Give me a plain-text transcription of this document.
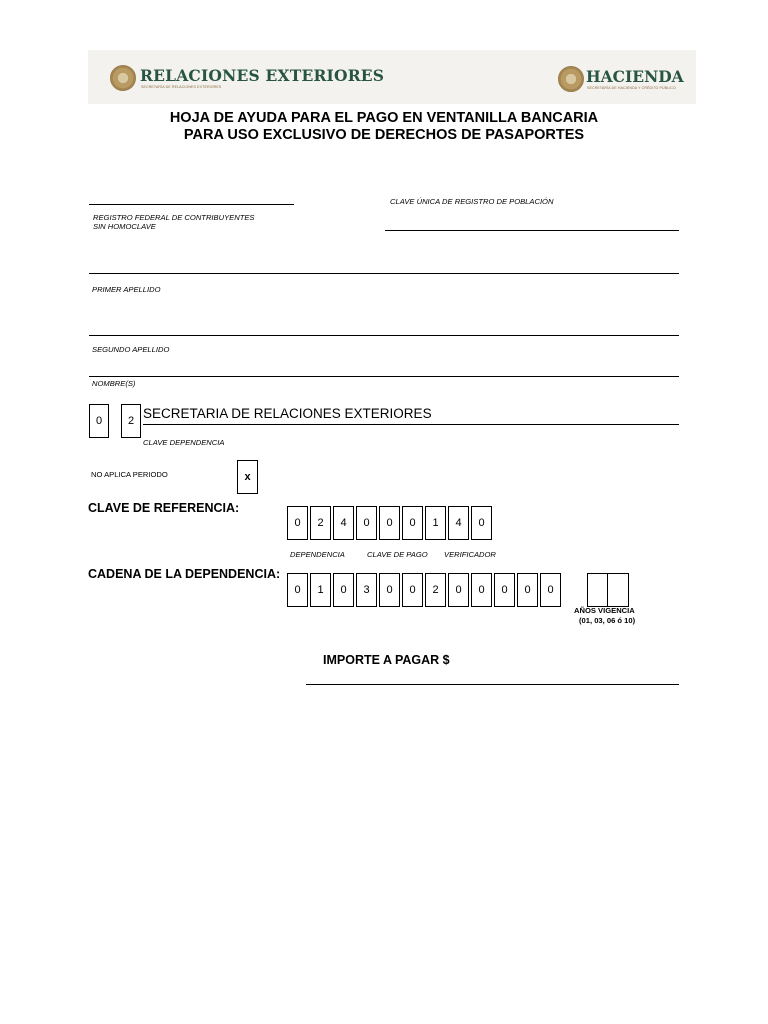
RELACIONES EXTERIORES
SECRETARÍA DE RELACIONES EXTERIORES
HACIENDA
SECRETARÍA DE HACIENDA Y CRÉDITO PÚBLICO
HOJA DE AYUDA PARA EL PAGO EN VENTANILLA BANCARIA
PARA USO EXCLUSIVO DE DERECHOS DE PASAPORTES
REGISTRO FEDERAL DE CONTRIBUYENTES
SIN HOMOCLAVE
CLAVE ÚNICA DE REGISTRO DE POBLACIÓN
PRIMER APELLIDO
SEGUNDO APELLIDO
NOMBRE(S)
0 2 SECRETARIA DE RELACIONES EXTERIORES
CLAVE DEPENDENCIA
NO APLICA PERIODO	x
CLAVE DE REFERENCIA:
0 2 4 0 0 0 1 4 0
DEPENDENCIA	CLAVE DE PAGO VERIFICADOR
CADENA DE LA DEPENDENCIA:
0 1 0 3 0 0 2 0 0 0 0 0
AÑOS VIGENCIA
(01, 03, 06 ó 10)
IMPORTE A PAGAR $
